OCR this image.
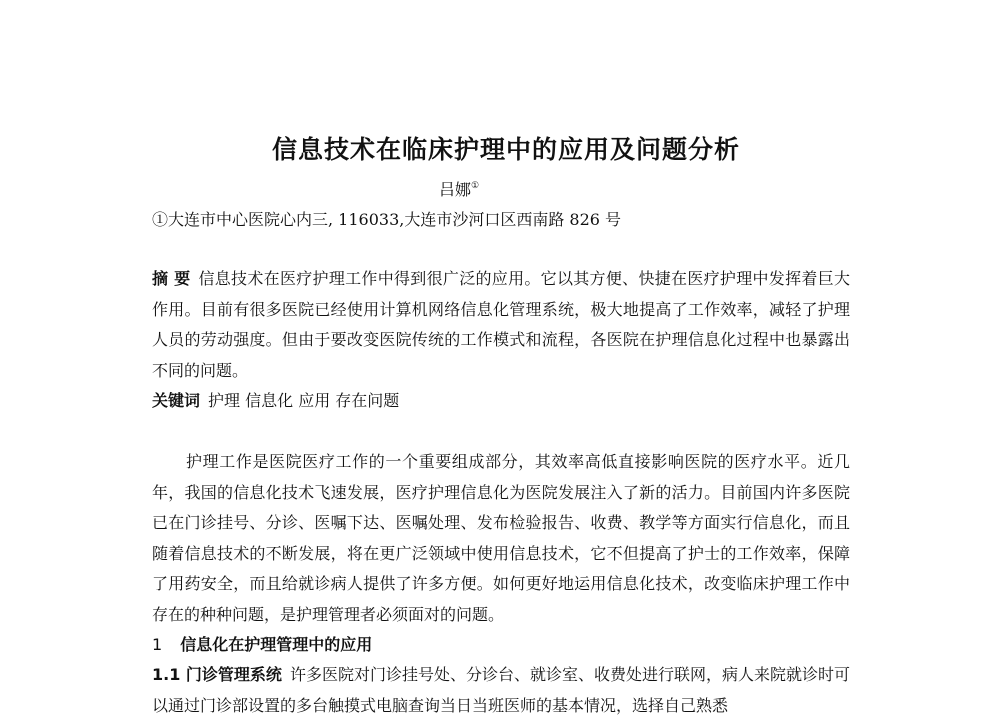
信息技术在临床护理中的应用及问题分析
吕娜①
①大连市中心医院心内三, 116033,大连市沙河口区西南路 826 号
摘 要 信息技术在医疗护理工作中得到很广泛的应用。它以其方便、快捷在医疗护理中发挥着巨大作用。目前有很多医院已经使用计算机网络信息化管理系统，极大地提高了工作效率，减轻了护理人员的劳动强度。但由于要改变医院传统的工作模式和流程，各医院在护理信息化过程中也暴露出不同的问题。
关键词 护理 信息化 应用 存在问题
护理工作是医院医疗工作的一个重要组成部分，其效率高低直接影响医院的医疗水平。近几年，我国的信息化技术飞速发展，医疗护理信息化为医院发展注入了新的活力。目前国内许多医院已在门诊挂号、分诊、医嘱下达、医嘱处理、发布检验报告、收费、教学等方面实行信息化，而且随着信息技术的不断发展，将在更广泛领域中使用信息技术，它不但提高了护士的工作效率，保障了用药安全，而且给就诊病人提供了许多方便。如何更好地运用信息化技术，改变临床护理工作中存在的种种问题，是护理管理者必须面对的问题。
1 信息化在护理管理中的应用
1.1 门诊管理系统 许多医院对门诊挂号处、分诊台、就诊室、收费处进行联网，病人来院就诊时可以通过门诊部设置的多台触摸式电脑查询当日当班医师的基本情况，选择自己熟悉
